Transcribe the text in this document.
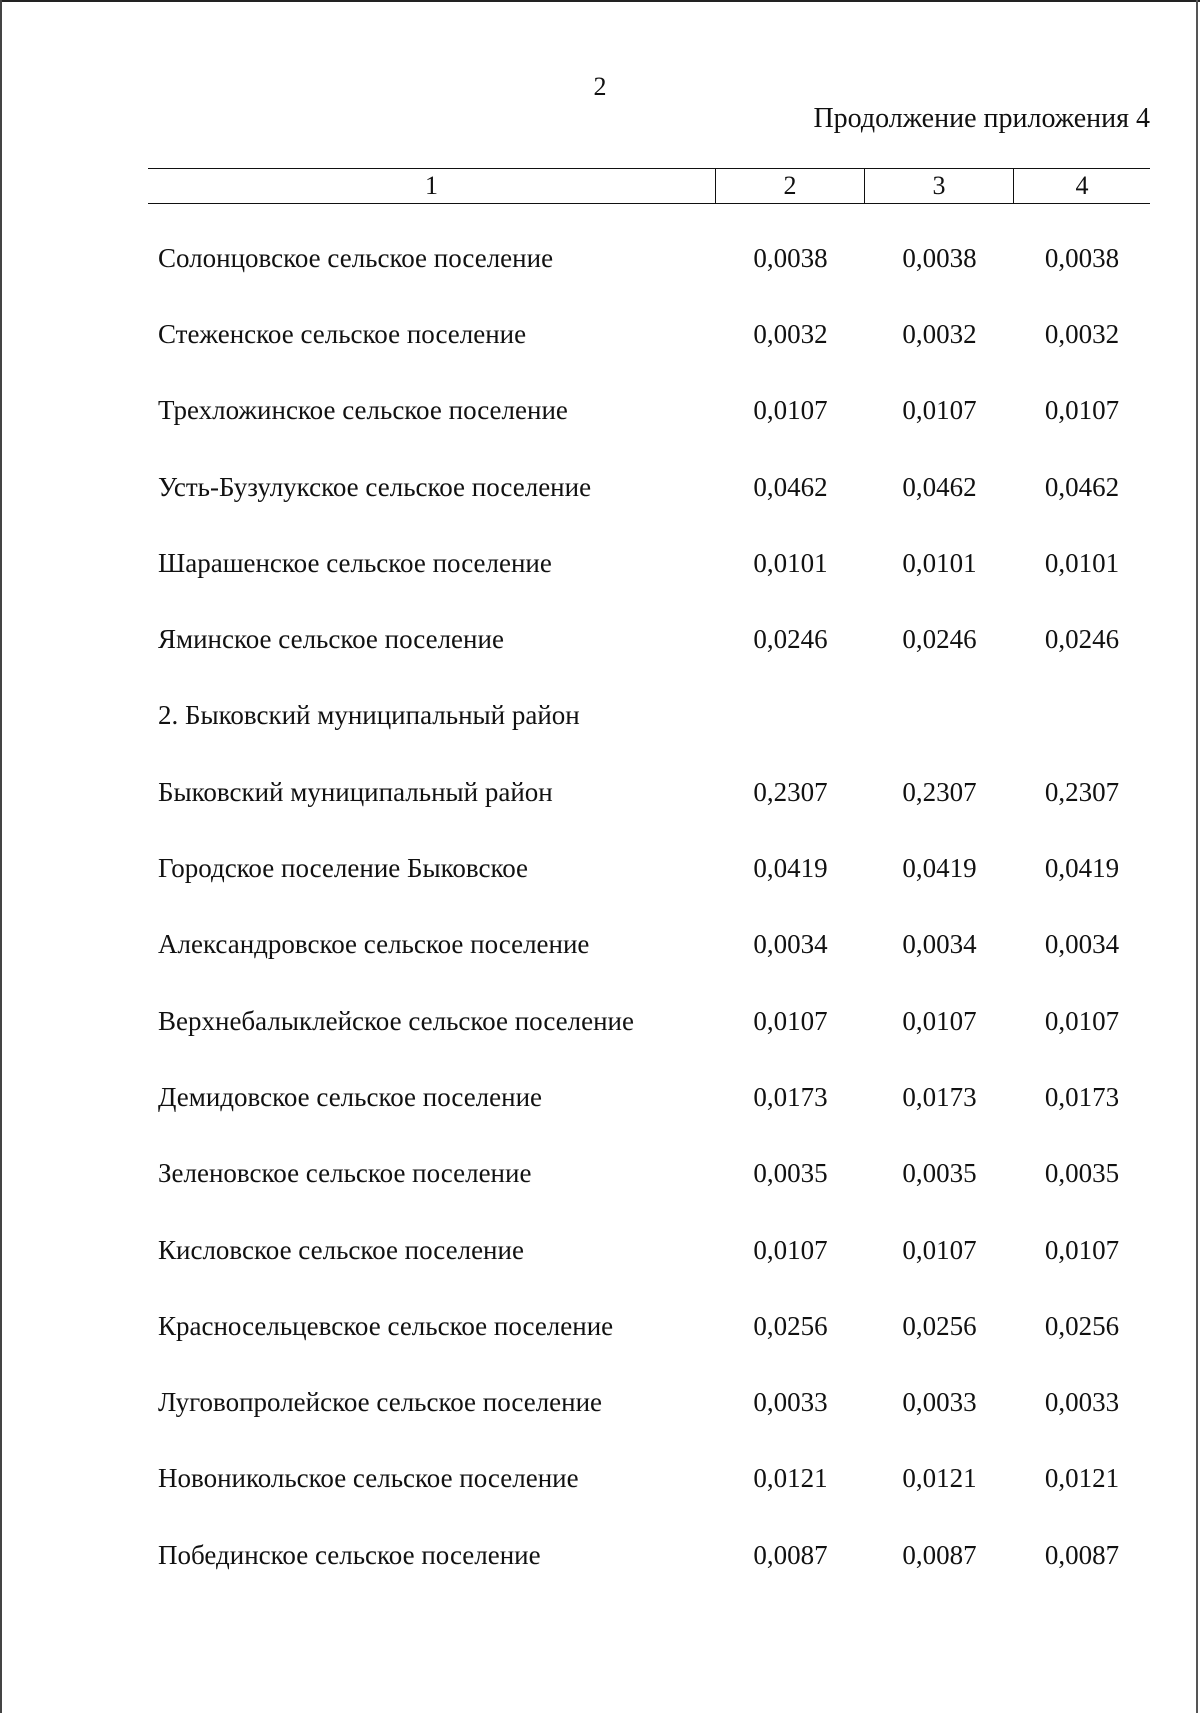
2
Продолжение приложения 4
1	2	3	4
Солонцовское сельское поселение	0,0038	0,0038	0,0038
Стеженское сельское поселение	0,0032	0,0032	0,0032
Трехложинское сельское поселение	0,0107	0,0107	0,0107
Усть-Бузулукское сельское поселение	0,0462	0,0462	0,0462
Шарашенское сельское поселение	0,0101	0,0101	0,0101
Яминское сельское поселение	0,0246	0,0246	0,0246
2. Быковский муниципальный район
Быковский муниципальный район	0,2307	0,2307	0,2307
Городское поселение Быковское	0,0419	0,0419	0,0419
Александровское сельское поселение	0,0034	0,0034	0,0034
Верхнебалыклейское сельское поселение	0,0107	0,0107	0,0107
Демидовское сельское поселение	0,0173	0,0173	0,0173
Зеленовское сельское поселение	0,0035	0,0035	0,0035
Кисловское сельское поселение	0,0107	0,0107	0,0107
Красносельцевское сельское поселение	0,0256	0,0256	0,0256
Луговопролейское сельское поселение	0,0033	0,0033	0,0033
Новоникольское сельское поселение	0,0121	0,0121	0,0121
Побединское сельское поселение	0,0087	0,0087	0,0087
